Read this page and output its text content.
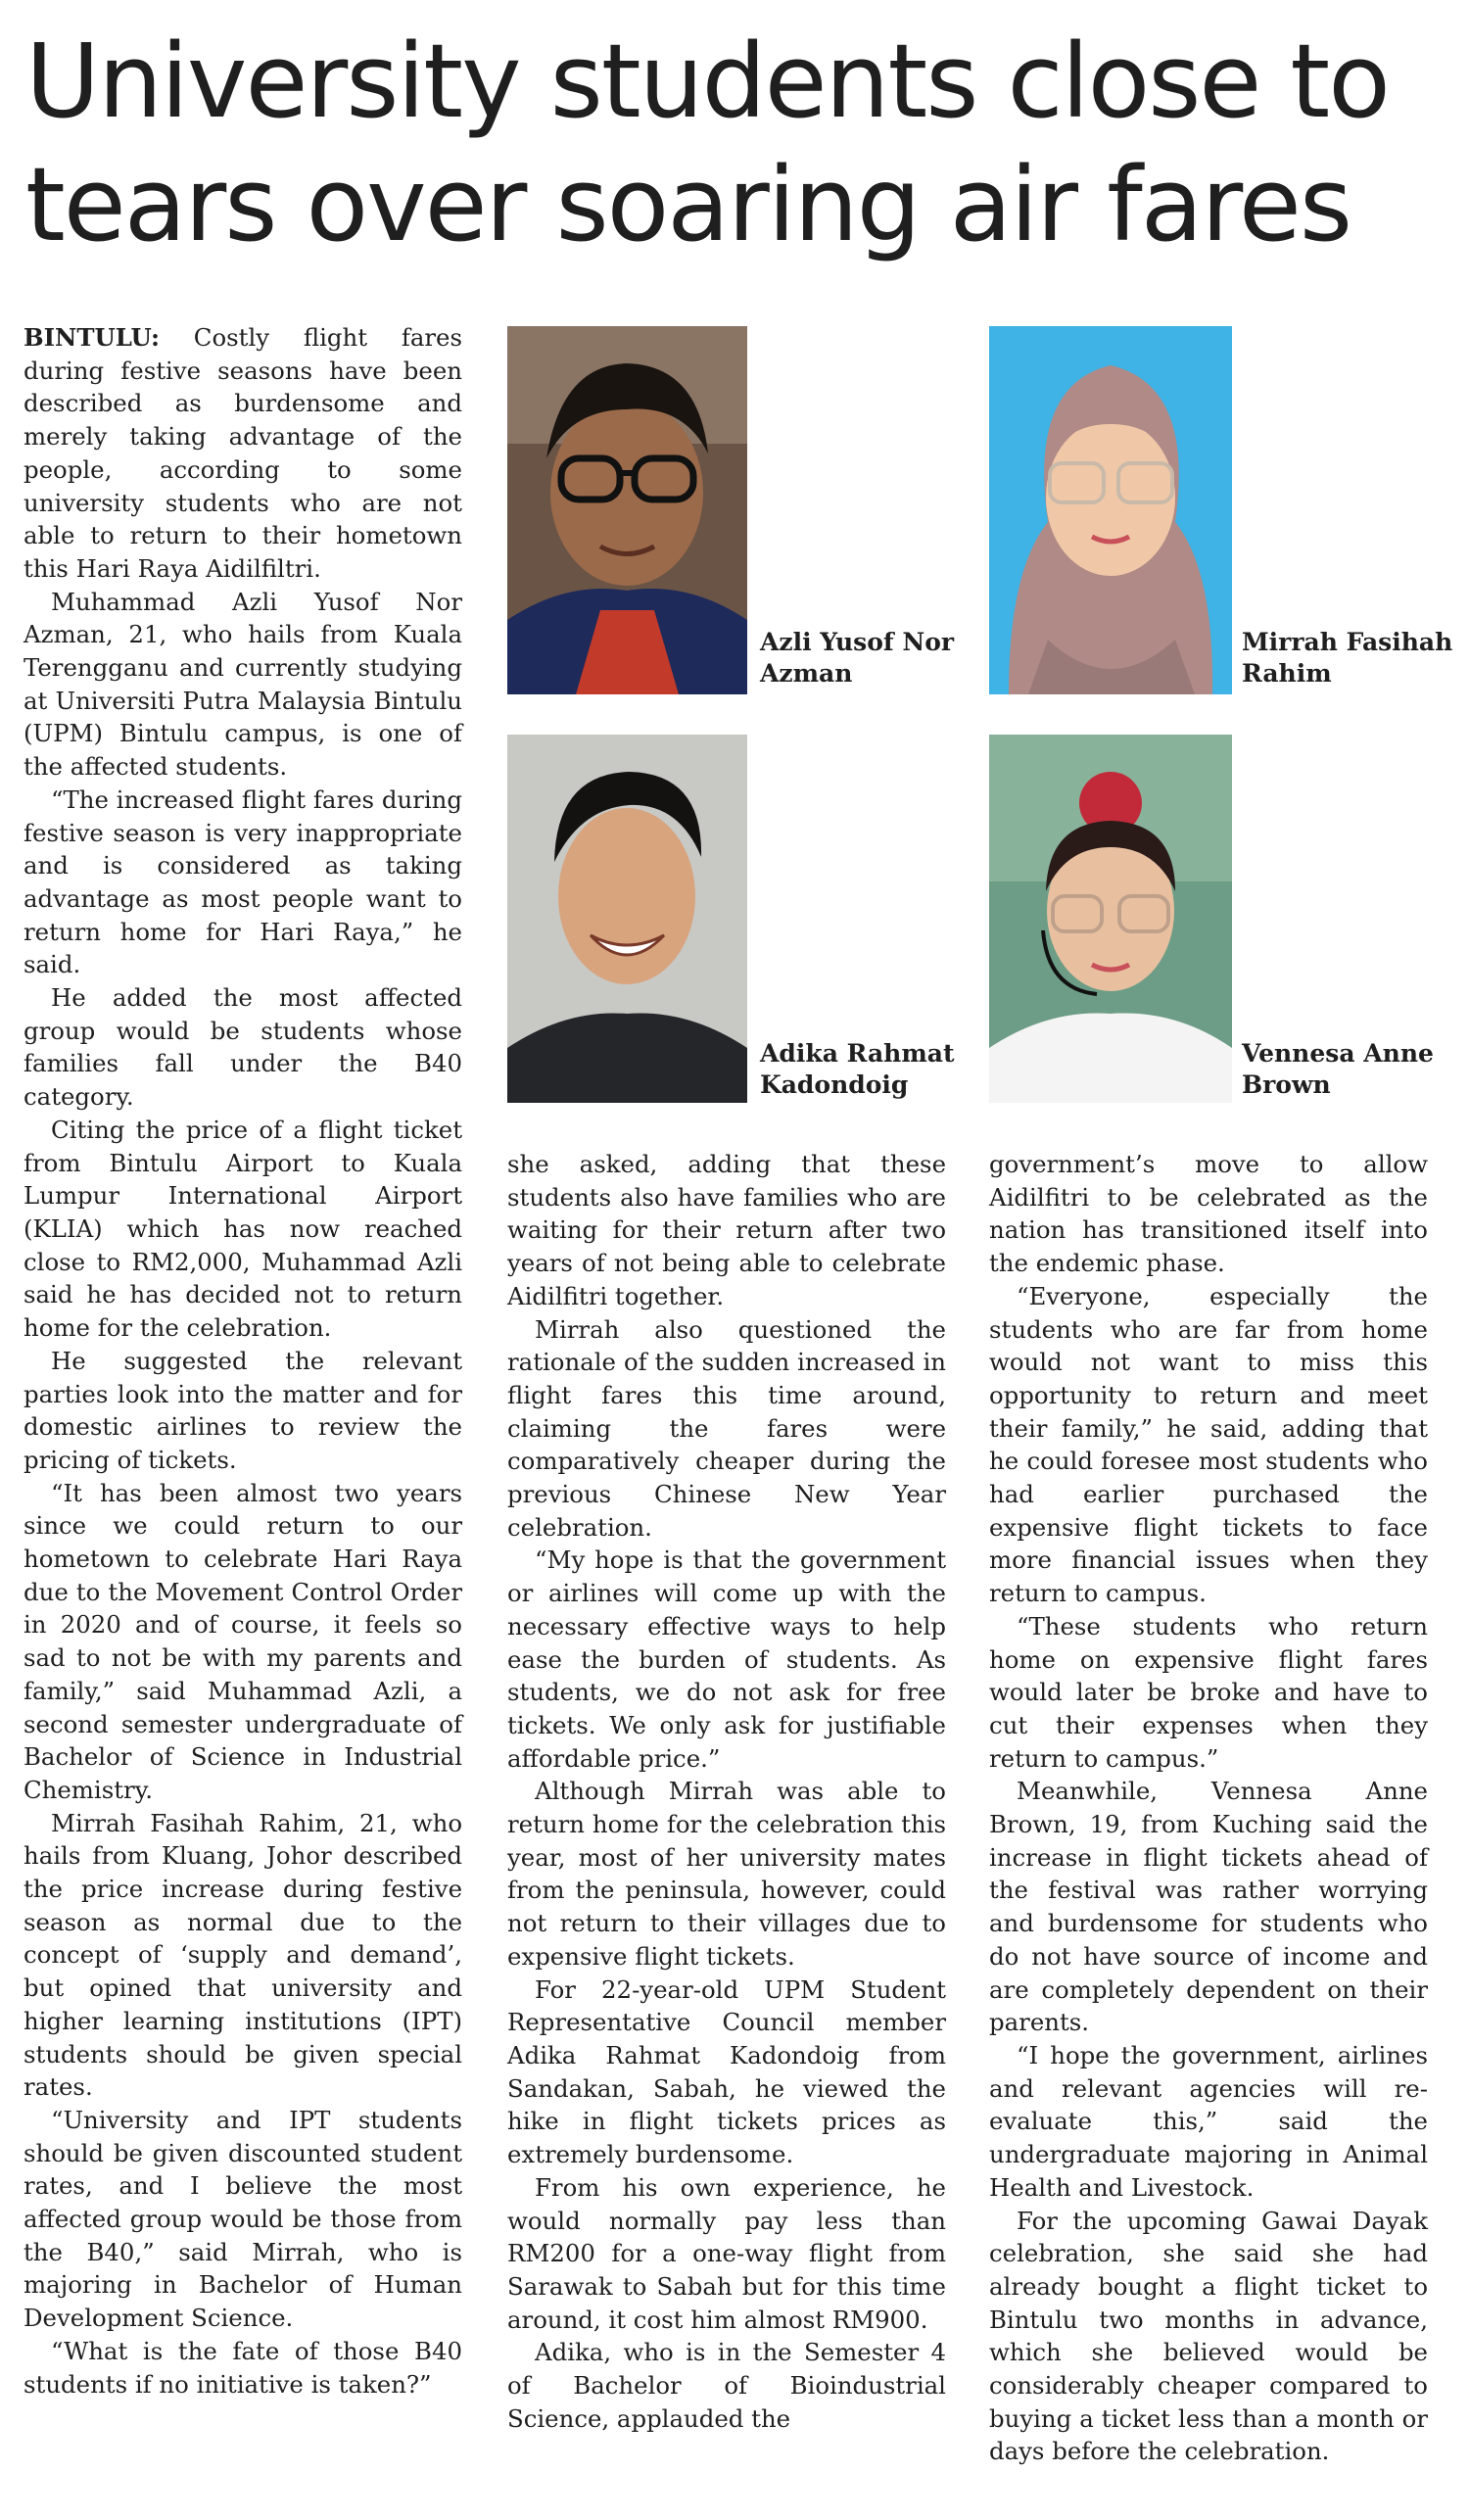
University students close to tears over soaring air fares
Azli Yusof Nor Azman
Mirrah Fasihah Rahim
Adika Rahmat Kadondoig
Vennesa Anne Brown

BINTULU: Costly flight fares during festive seasons have been described as burdensome and merely taking advantage of the people, according to some university students who are not able to return to their hometown this Hari Raya Aidilfiltri.

Muhammad Azli Yusof Nor Azman, 21, who hails from Kuala Terengganu and currently studying at Universiti Putra Malaysia Bintulu (UPM) Bintulu campus, is one of the affected students.

“The increased flight fares during festive season is very inappropriate and is considered as taking advantage as most people want to return home for Hari Raya,” he said.

He added the most affected group would be students whose families fall under the B40 category.

Citing the price of a flight ticket from Bintulu Airport to Kuala Lumpur International Airport (KLIA) which has now reached close to RM2,000, Muhammad Azli said he has decided not to return home for the celebration.

He suggested the relevant parties look into the matter and for domestic airlines to review the pricing of tickets.

“It has been almost two years since we could return to our hometown to celebrate Hari Raya due to the Movement Control Order in 2020 and of course, it feels so sad to not be with my parents and family,” said Muhammad Azli, a second semester undergraduate of Bachelor of Science in Industrial Chemistry.

Mirrah Fasihah Rahim, 21, who hails from Kluang, Johor described the price increase during festive season as normal due to the concept of ‘supply and demand’, but opined that university and higher learning institutions (IPT) students should be given special rates.

“University and IPT students should be given discounted student rates, and I believe the most affected group would be those from the B40,” said Mirrah, who is majoring in Bachelor of Human Development Science.

“What is the fate of those B40 students if no initiative is taken?”

she asked, adding that these students also have families who are waiting for their return after two years of not being able to celebrate Aidilfitri together.

Mirrah also questioned the rationale of the sudden increased in flight fares this time around, claiming the fares were comparatively cheaper during the previous Chinese New Year celebration.

“My hope is that the government or airlines will come up with the necessary effective ways to help ease the burden of students. As students, we do not ask for free tickets. We only ask for justifiable affordable price.”

Although Mirrah was able to return home for the celebration this year, most of her university mates from the peninsula, however, could not return to their villages due to expensive flight tickets.

For 22-year-old UPM Student Representative Council member Adika Rahmat Kadondoig from Sandakan, Sabah, he viewed the hike in flight tickets prices as extremely burdensome.

From his own experience, he would normally pay less than RM200 for a one-way flight from Sarawak to Sabah but for this time around, it cost him almost RM900.

Adika, who is in the Semester 4 of Bachelor of Bioindustrial Science, applauded the

government’s move to allow Aidilfitri to be celebrated as the nation has transitioned itself into the endemic phase.

“Everyone, especially the students who are far from home would not want to miss this opportunity to return and meet their family,” he said, adding that he could foresee most students who had earlier purchased the expensive flight tickets to face more financial issues when they return to campus.

“These students who return home on expensive flight fares would later be broke and have to cut their expenses when they return to campus.”

Meanwhile, Vennesa Anne Brown, 19, from Kuching said the increase in flight tickets ahead of the festival was rather worrying and burdensome for students who do not have source of income and are completely dependent on their parents.

“I hope the government, airlines and relevant agencies will re-evaluate this,” said the undergraduate majoring in Animal Health and Livestock.

For the upcoming Gawai Dayak celebration, she said she had already bought a flight ticket to Bintulu two months in advance, which she believed would be considerably cheaper compared to buying a ticket less than a month or days before the celebration.
